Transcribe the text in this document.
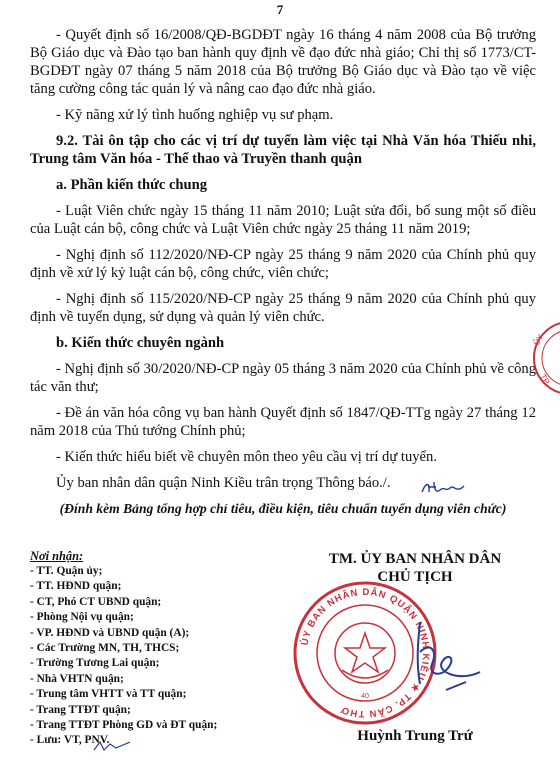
7

- Quyết định số 16/2008/QĐ-BGDĐT ngày 16 tháng 4 năm 2008 của Bộ trưởng Bộ Giáo dục và Đào tạo ban hành quy định về đạo đức nhà giáo; Chỉ thị số 1773/CT-BGDĐT ngày 07 tháng 5 năm 2018 của Bộ trưởng Bộ Giáo dục và Đào tạo về việc tăng cường công tác quản lý và nâng cao đạo đức nhà giáo.

- Kỹ năng xử lý tình huống nghiệp vụ sư phạm.

9.2. Tài ôn tập cho các vị trí dự tuyển làm việc tại Nhà Văn hóa Thiếu nhi, Trung tâm Văn hóa - Thể thao và Truyền thanh quận

a. Phần kiến thức chung

- Luật Viên chức ngày 15 tháng 11 năm 2010; Luật sửa đổi, bổ sung một số điều của Luật cán bộ, công chức và Luật Viên chức ngày 25 tháng 11 năm 2019;

- Nghị định số 112/2020/NĐ-CP ngày 25 tháng 9 năm 2020 của Chính phủ quy định về xử lý kỷ luật cán bộ, công chức, viên chức;

- Nghị định số 115/2020/NĐ-CP ngày 25 tháng 9 năm 2020 của Chính phủ quy định về tuyển dụng, sử dụng và quản lý viên chức.

b. Kiến thức chuyên ngành

- Nghị định số 30/2020/NĐ-CP ngày 05 tháng 3 năm 2020 của Chính phủ về công tác văn thư;

- Đề án văn hóa công vụ ban hành Quyết định số 1847/QĐ-TTg ngày 27 tháng 12 năm 2018 của Thủ tướng Chính phủ;

- Kiến thức hiểu biết về chuyên môn theo yêu cầu vị trí dự tuyển.

Ủy ban nhân dân quận Ninh Kiều trân trọng Thông báo./.

(Đính kèm Bảng tổng hợp chỉ tiêu, điều kiện, tiêu chuẩn tuyển dụng viên chức)

ỦY
TP.
Nơi nhận:
- TT. Quận ủy;
- TT. HĐND quận;
- CT, Phó CT UBND quận;
- Phòng Nội vụ quận;
- VP. HĐND và UBND quận (A);
- Các Trường MN, TH, THCS;
- Trường Tương Lai quận;
- Nhà VHTN quận;
- Trung tâm VHTT và TT quận;
- Trang TTĐT quận;
- Trang TTĐT Phòng GD và ĐT quận;
- Lưu: VT, PNV.
TM. ỦY BAN NHÂN DÂN
CHỦ TỊCH
ỦY BAN NHÂN DÂN QUẬN NINH KIỀU ★ TP. CẦN THƠ
40
Huỳnh Trung Trứ
